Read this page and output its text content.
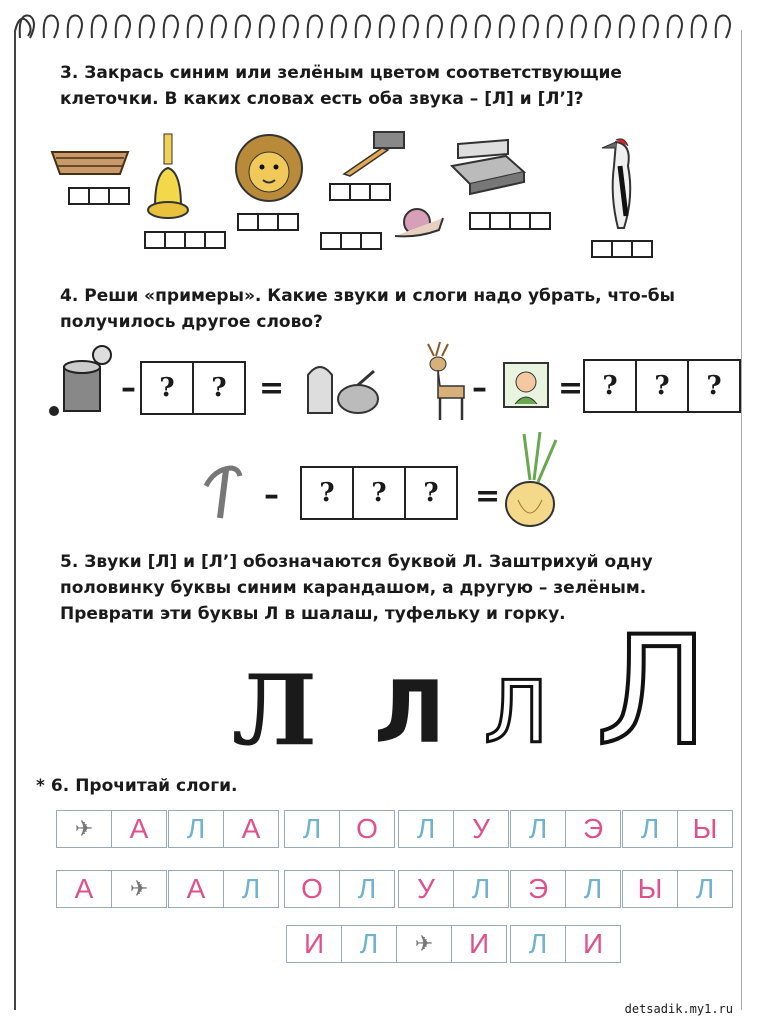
3. Закрась синим или зелёным цветом соответствующие клеточки. В каких словах есть оба звука – [Л] и [Л’]?
4. Реши «примеры». Какие звуки и слоги надо убрать, что-бы получилось другое слово?
– ?	?	=	– = ?	?	?
–	?	?	?	=
5. Звуки [Л] и [Л’] обозначаются буквой Л. Заштрихуй одну половинку буквы синим карандашом, а другую – зелёным. Преврати эти буквы Л в шалаш, туфельку и горку.
Л Л Л Л
* 6. Прочитай слоги.
✈	А	Л	А	Л	О	Л	У	Л	Э	Л	Ы
А	✈	А	Л	О	Л	У	Л	Э	Л	Ы	Л
И	Л	✈	И	Л	И
detsadik.my1.ru
